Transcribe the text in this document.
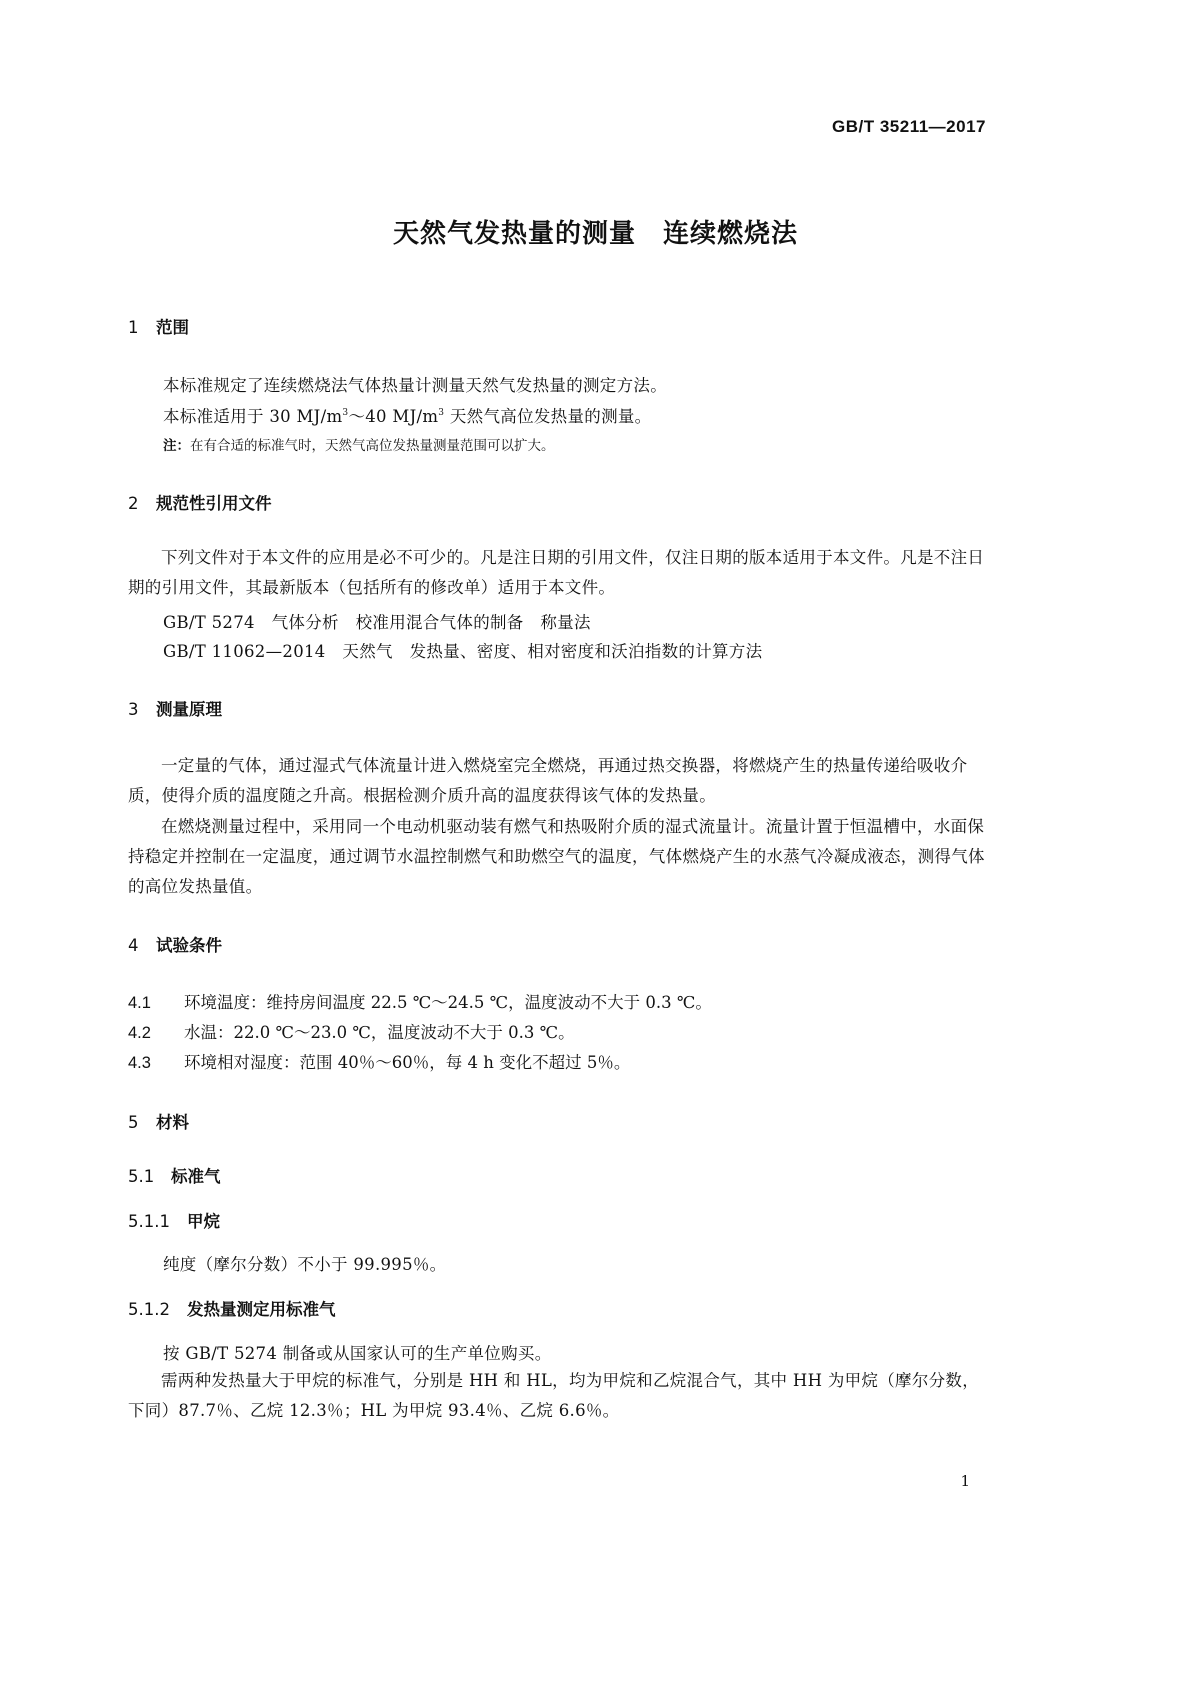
GB/T 35211—2017
天然气发热量的测量　连续燃烧法
1 范围
本标准规定了连续燃烧法气体热量计测量天然气发热量的测定方法。
本标准适用于 30 $MJ/m^3\sim 40$ $MJ/m^3$ 天然气高位发热量的测量。
注：在有合适的标准气时，天然气高位发热量测量范围可以扩大。
2 规范性引用文件
下列文件对于本文件的应用是必不可少的。凡是注日期的引用文件，仅注日期的版本适用于本文件。凡是不注日期的引用文件，其最新版本（包括所有的修改单）适用于本文件。
GB/T 5274　气体分析　校准用混合气体的制备　称量法
GB/T 11062—2014　天然气　发热量、密度、相对密度和沃泊指数的计算方法
3 测量原理
一定量的气体，通过湿式气体流量计进入燃烧室完全燃烧，再通过热交换器，将燃烧产生的热量传递给吸收介质，使得介质的温度随之升高。根据检测介质升高的温度获得该气体的发热量。
在燃烧测量过程中，采用同一个电动机驱动装有燃气和热吸附介质的湿式流量计。流量计置于恒温槽中，水面保持稳定并控制在一定温度，通过调节水温控制燃气和助燃空气的温度，气体燃烧产生的水蒸气冷凝成液态，测得气体的高位发热量值。
4 试验条件
4.1 环境温度：维持房间温度 22.5 ℃～24.5 ℃，温度波动不大于 0.3 ℃。
4.2 水温：22.0 ℃～23.0 ℃，温度波动不大于 0.3 ℃。
4.3 环境相对湿度：范围 40％～60％，每 4 h 变化不超过 5％。
5 材料
5.1 标准气
5.1.1 甲烷
纯度（摩尔分数）不小于 99.995％。
5.1.2 发热量测定用标准气
按 GB/T 5274 制备或从国家认可的生产单位购买。
需两种发热量大于甲烷的标准气，分别是 HH 和 HL，均为甲烷和乙烷混合气，其中 HH 为甲烷（摩尔分数，下同）87.7％、乙烷 12.3％；HL 为甲烷 93.4％、乙烷 6.6％。
1
